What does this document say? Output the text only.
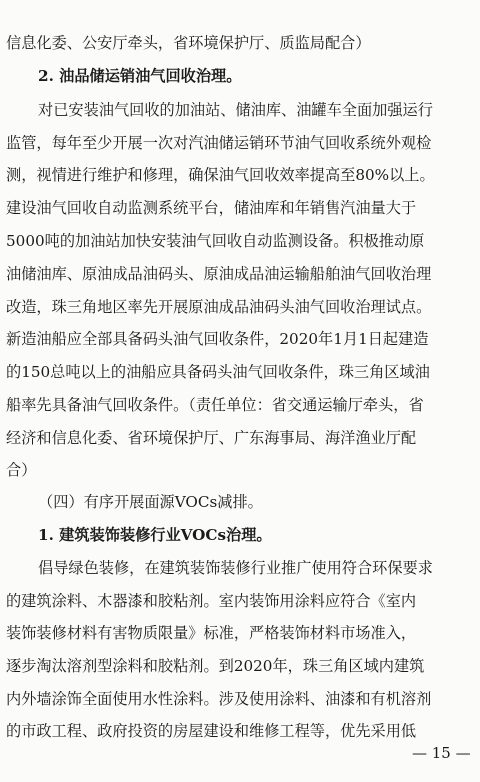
信息化委、公安厅牵头，省环境保护厅、质监局配合）
2. 油品储运销油气回收治理。
对已安装油气回收的加油站、储油库、油罐车全面加强运行
监管，每年至少开展一次对汽油储运销环节油气回收系统外观检
测，视情进行维护和修理，确保油气回收效率提高至80%以上。
建设油气回收自动监测系统平台，储油库和年销售汽油量大于
5000吨的加油站加快安装油气回收自动监测设备。积极推动原
油储油库、原油成品油码头、原油成品油运输船舶油气回收治理
改造，珠三角地区率先开展原油成品油码头油气回收治理试点。
新造油船应全部具备码头油气回收条件，2020年1月1日起建造
的150总吨以上的油船应具备码头油气回收条件，珠三角区域油
船率先具备油气回收条件。（责任单位：省交通运输厅牵头，省
经济和信息化委、省环境保护厅、广东海事局、海洋渔业厅配
合）
（四）有序开展面源VOCs减排。
1. 建筑装饰装修行业VOCs治理。
倡导绿色装修，在建筑装饰装修行业推广使用符合环保要求
的建筑涂料、木器漆和胶粘剂。室内装饰用涂料应符合《室内
装饰装修材料有害物质限量》标准，严格装饰材料市场准入，
逐步淘汰溶剂型涂料和胶粘剂。到2020年，珠三角区域内建筑
内外墙涂饰全面使用水性涂料。涉及使用涂料、油漆和有机溶剂
的市政工程、政府投资的房屋建设和维修工程等，优先采用低
— 15 —
